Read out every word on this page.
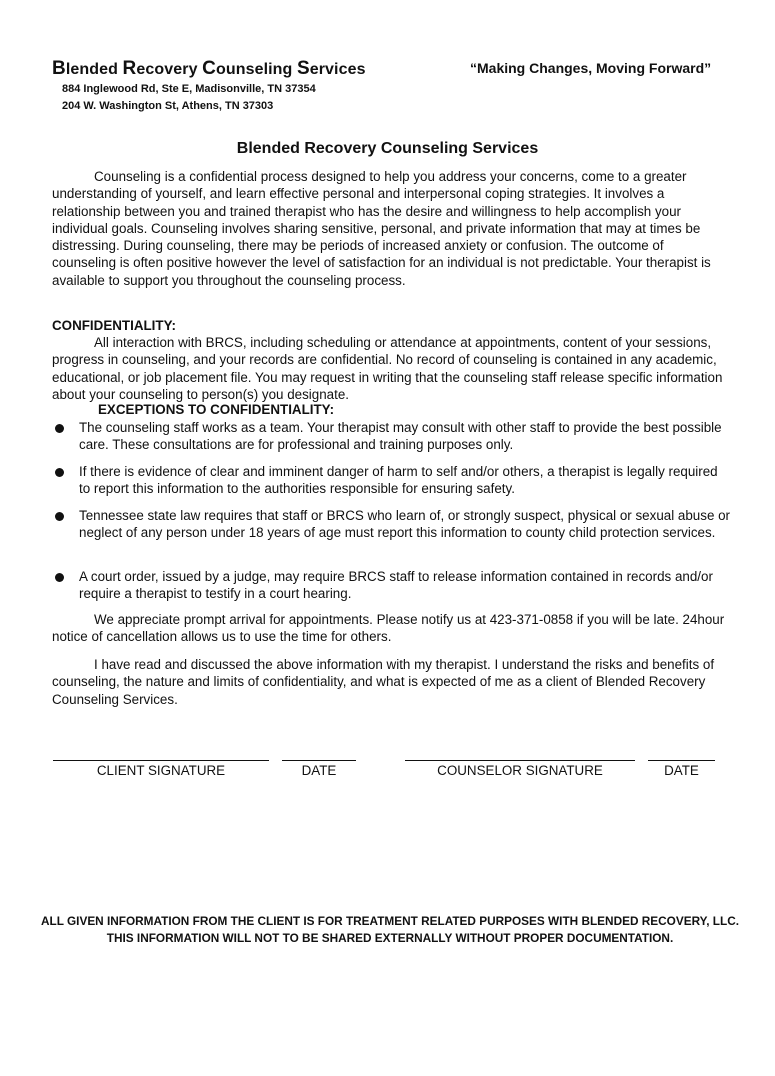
Blended Recovery Counseling Services	“Making Changes, Moving Forward”
884 Inglewood Rd, Ste E, Madisonville, TN 37354
204 W. Washington St, Athens, TN 37303
Blended Recovery Counseling Services

Counseling is a confidential process designed to help you address your concerns, come to a greater understanding of yourself, and learn effective personal and interpersonal coping strategies. It involves a relationship between you and trained therapist who has the desire and willingness to help accomplish your individual goals. Counseling involves sharing sensitive, personal, and private information that may at times be distressing. During counseling, there may be periods of increased anxiety or confusion. The outcome of counseling is often positive however the level of satisfaction for an individual is not predictable. Your therapist is available to support you throughout the counseling process.

CONFIDENTIALITY:

All interaction with BRCS, including scheduling or attendance at appointments, content of your sessions, progress in counseling, and your records are confidential. No record of counseling is contained in any academic, educational, or job placement file. You may request in writing that the counseling staff release specific information about your counseling to person(s) you designate.

EXCEPTIONS TO CONFIDENTIALITY:
The counseling staff works as a team. Your therapist may consult with other staff to provide the best possible care. These consultations are for professional and training purposes only.
If there is evidence of clear and imminent danger of harm to self and/or others, a therapist is legally required to report this information to the authorities responsible for ensuring safety.
Tennessee state law requires that staff or BRCS who learn of, or strongly suspect, physical or sexual abuse or neglect of any person under 18 years of age must report this information to county child protection services.
A court order, issued by a judge, may require BRCS staff to release information contained in records and/or require a therapist to testify in a court hearing.

We appreciate prompt arrival for appointments. Please notify us at 423-371-0858 if you will be late. 24hour notice of cancellation allows us to use the time for others.

I have read and discussed the above information with my therapist. I understand the risks and benefits of counseling, the nature and limits of confidentiality, and what is expected of me as a client of Blended Recovery Counseling Services.

CLIENT SIGNATURE	DATE	COUNSELOR SIGNATURE	DATE
ALL GIVEN INFORMATION FROM THE CLIENT IS FOR TREATMENT RELATED PURPOSES WITH BLENDED RECOVERY, LLC. THIS INFORMATION WILL NOT TO BE SHARED EXTERNALLY WITHOUT PROPER DOCUMENTATION.
